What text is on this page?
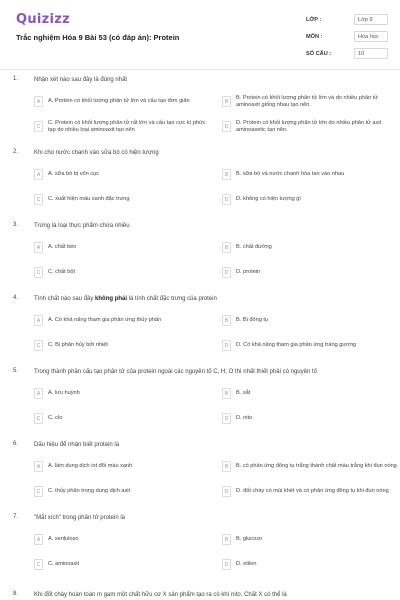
Quizizz
Trắc nghiệm Hóa 9 Bài 53 (có đáp án): Protein
LỚP :	Lớp 9
MÔN :	Hóa học
SỐ CÂU :	10
1.	Nhận xét nào sau đây là đúng nhất
A	A. Protein có khối lượng phân tử lớn và cấu tạo đơn giản	B
B. Protein có khối lượng phân tử lớn và do nhiều phân tử aminoaxit giống nhau tạo nên.
C
C. Protein có khối lượng phân tử rất lớn và cấu tạo cực kì phức tạp do nhiều loại aminoaxit tạo nên	D
D. Protein có khối lượng phân tử lớn do nhiều phân tử axit aminoaxetic tạo nên.
2.	Khi cho nước chanh vào sữa bò có hiện tượng
A	A. sữa bò bị vón cục	B	B. sữa bò và nước chanh hòa tan vào nhau
C	C. xuất hiện màu xanh đặc trưng	D	D. không có hiện tượng gì
3.	Trứng là loại thực phẩm chứa nhiều
A	A. chất béo	B	B. chất đường
C	C. chất bột	D	D. protein
4.	Tính chất nào sau đây không phải là tính chất đặc trưng của protein
A	A. Có khả năng tham gia phản ứng thủy phân	B	B. Bị đông tụ
C	C. Bị phân hủy bởi nhiệt	D	D. Có khả năng tham gia phản ứng tráng gương
5.	Trong thành phần cấu tạo phân tử của protein ngoài các nguyên tố C, H, O thì nhất thiết phải có nguyên tố
A	A. lưu huỳnh	B	B. sắt
C	C. clo	D	D. nito
6.	Dấu hiệu để nhận biết protein là
A	A. làm dung dịch iot đổi màu xanh	B	B. có phản ứng đông tụ trắng thành chất màu trắng khi đun nóng
C	C. thủy phân trong dung dịch axit	D	D. đốt cháy có mùi khét và có phản ứng đông tụ khi đun nóng
7.	"Mắt xích" trong phân tử protein là
A	A. xenlulozo	B	B. glucozo
C	C. aminoaxit	D	D. etilen
8.	Khi đốt cháy hoàn toàn m gam một chất hữu cơ X sản phẩm tạo ra có khí nito. Chất X có thể là
